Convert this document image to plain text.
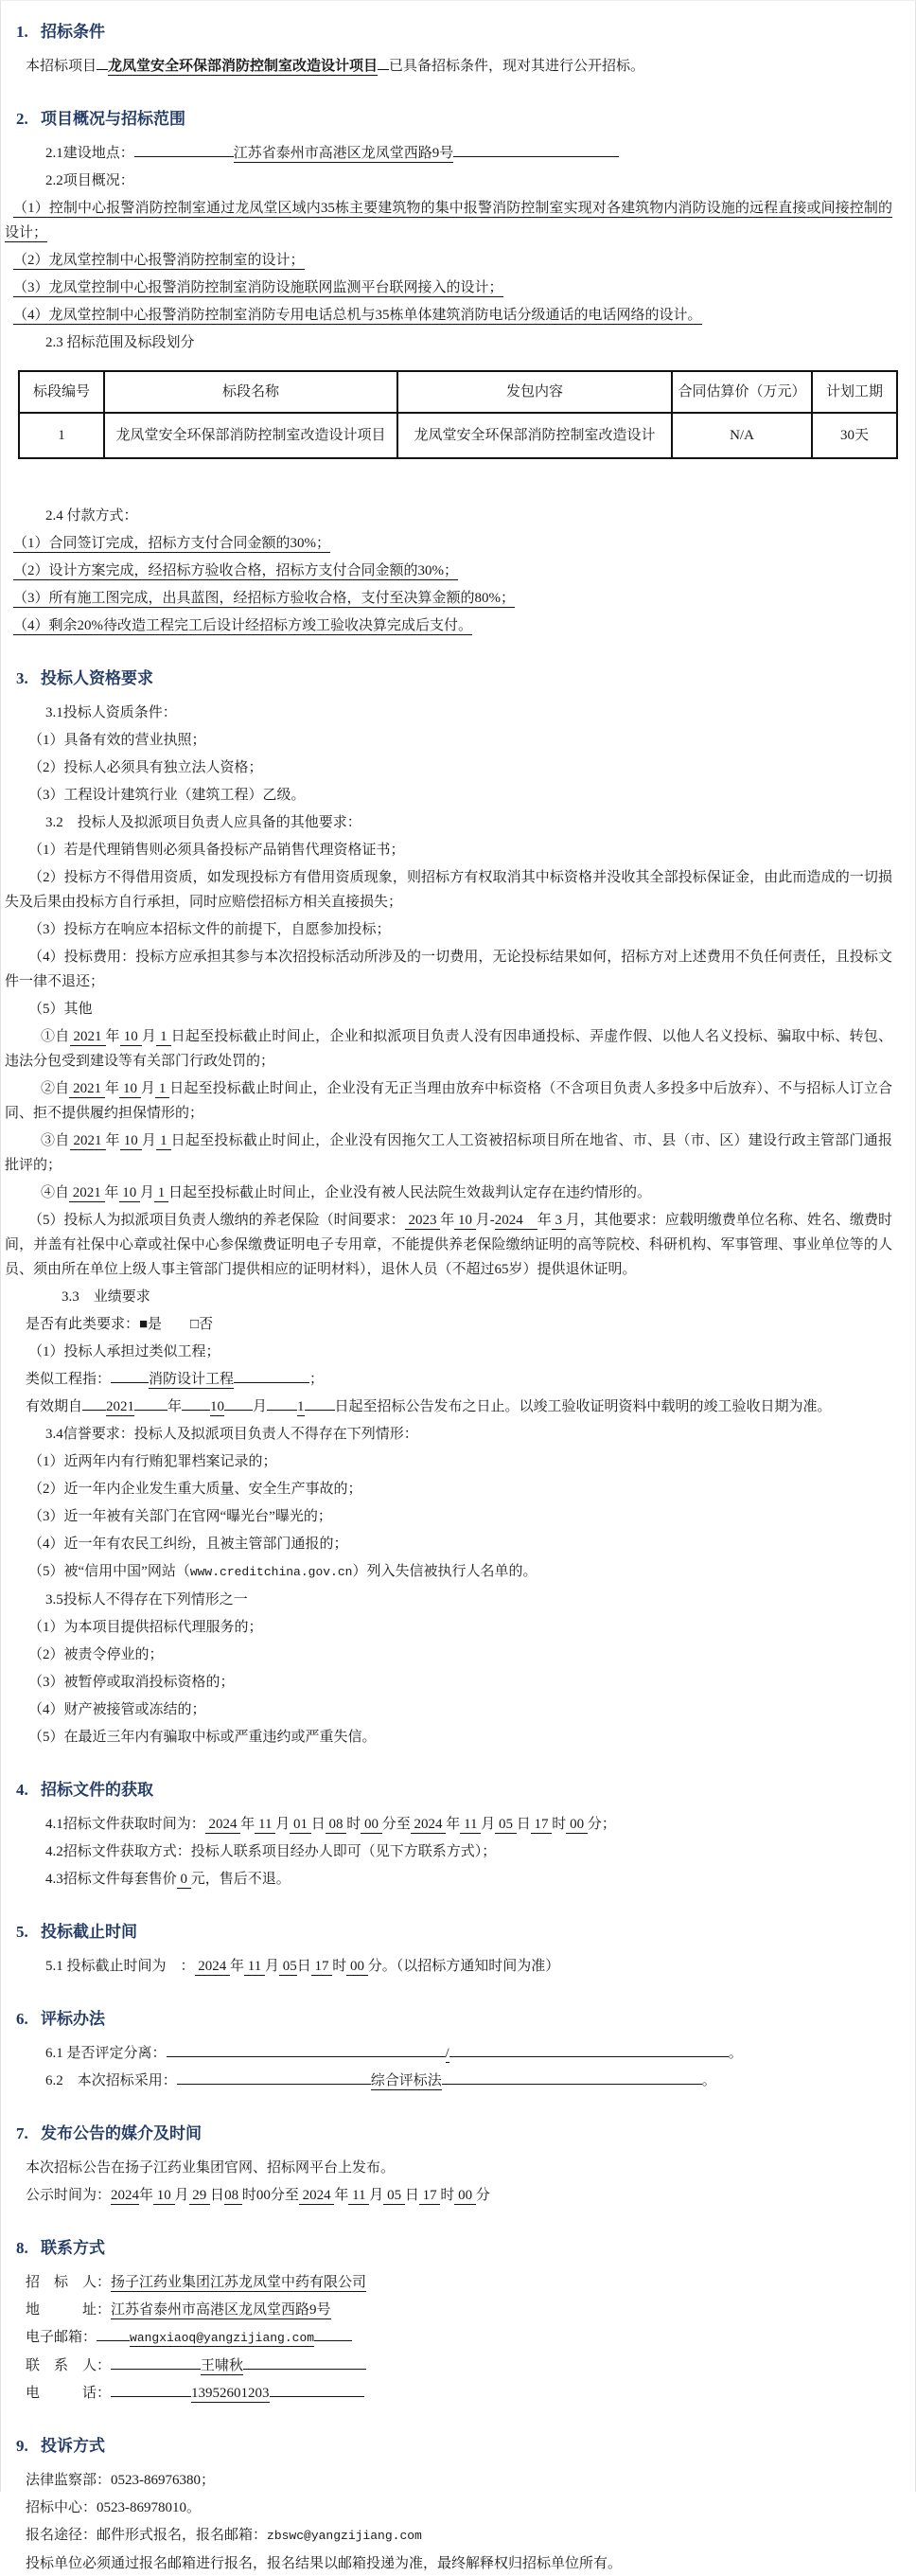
1. 招标条件
本招标项目 龙凤堂安全环保部消防控制室改造设计项目 已具备招标条件，现对其进行公开招标。
2. 项目概况与招标范围
2.1建设地点：	江苏省泰州市高港区龙凤堂西路9号
2.2项目概况：
（1）控制中心报警消防控制室通过龙凤堂区域内35栋主要建筑物的集中报警消防控制室实现对各建筑物内消防设施的远程直接或间接控制的设计；
（2）龙凤堂控制中心报警消防控制室的设计；
（3）龙凤堂控制中心报警消防控制室消防设施联网监测平台联网接入的设计；
（4）龙凤堂控制中心报警消防控制室消防专用电话总机与35栋单体建筑消防电话分级通话的电话网络的设计。
2.3 招标范围及标段划分
标段编号	标段名称	发包内容	合同估算价（万元）	计划工期
1	龙凤堂安全环保部消防控制室改造设计项目	龙凤堂安全环保部消防控制室改造设计	N/A	30天
2.4 付款方式：
（1）合同签订完成，招标方支付合同金额的30%；
（2）设计方案完成，经招标方验收合格，招标方支付合同金额的30%；
（3）所有施工图完成，出具蓝图，经招标方验收合格，支付至决算金额的80%；
（4）剩余20%待改造工程完工后设计经招标方竣工验收决算完成后支付。
3. 投标人资格要求
3.1投标人资质条件：
（1）具备有效的营业执照；
（2）投标人必须具有独立法人资格；
（3）工程设计建筑行业（建筑工程）乙级。
3.2　投标人及拟派项目负责人应具备的其他要求：
（1）若是代理销售则必须具备投标产品销售代理资格证书；
（2）投标方不得借用资质，如发现投标方有借用资质现象，则招标方有权取消其中标资格并没收其全部投标保证金，由此而造成的一切损失及后果由投标方自行承担，同时应赔偿招标方相关直接损失；
（3）投标方在响应本招标文件的前提下，自愿参加投标；
（4）投标费用：投标方应承担其参与本次招投标活动所涉及的一切费用，无论投标结果如何，招标方对上述费用不负任何责任，且投标文件一律不退还；
（5）其他
①自 2021 年 10 月 1 日起至投标截止时间止，企业和拟派项目负责人没有因串通投标、弄虚作假、以他人名义投标、骗取中标、转包、违法分包受到建设等有关部门行政处罚的；
②自 2021 年 10 月 1 日起至投标截止时间止，企业没有无正当理由放弃中标资格（不含项目负责人多投多中后放弃）、不与招标人订立合同、拒不提供履约担保情形的；
③自 2021 年 10 月 1 日起至投标截止时间止，企业没有因拖欠工人工资被招标项目所在地省、市、县（市、区）建设行政主管部门通报批评的；
④自 2021 年 10 月 1 日起至投标截止时间止，企业没有被人民法院生效裁判认定存在违约情形的。
（5）投标人为拟派项目负责人缴纳的养老保险（时间要求： 2023 年 10 月-2024　年 3 月，其他要求：应载明缴费单位名称、姓名、缴费时间，并盖有社保中心章或社保中心参保缴费证明电子专用章，不能提供养老保险缴纳证明的高等院校、科研机构、军事管理、事业单位等的人员、须由所在单位上级人事主管部门提供相应的证明材料），退休人员（不超过65岁）提供退休证明。
3.3　业绩要求
是否有此类要求：■是　　□否
（1）投标人承担过类似工程；
类似工程指：	消防设计工程	；
有效期自 2021 年 10 月 1 日起至招标公告发布之日止。以竣工验收证明资料中载明的竣工验收日期为准。
3.4信誉要求：投标人及拟派项目负责人不得存在下列情形：
（1）近两年内有行贿犯罪档案记录的；
（2）近一年内企业发生重大质量、安全生产事故的；
（3）近一年被有关部门在官网“曝光台”曝光的；
（4）近一年有农民工纠纷，且被主管部门通报的；
（5）被“信用中国”网站（www.creditchina.gov.cn）列入失信被执行人名单的。
3.5投标人不得存在下列情形之一
（1）为本项目提供招标代理服务的；
（2）被责令停业的；
（3）被暂停或取消投标资格的；
（4）财产被接管或冻结的；
（5）在最近三年内有骗取中标或严重违约或严重失信。
4. 招标文件的获取
4.1招标文件获取时间为： 2024 年 11 月 01 日 08 时 00 分至 2024 年 11 月 05 日 17 时 00 分；
4.2招标文件获取方式：投标人联系项目经办人即可（见下方联系方式）；
4.3招标文件每套售价 0 元，售后不退。
5. 投标截止时间
5.1 投标截止时间为　： 2024 年 11 月 05日 17 时 00 分。（以招标方通知时间为准）
6. 评标办法
6.1 是否评定分离：	/	。
6.2　本次招标采用：	综合评标法	。
7. 发布公告的媒介及时间
本次招标公告在扬子江药业集团官网、招标网平台上发布。
公示时间为：2024年 10 月 29 日08 时00分至 2024 年 11 月 05 日 17 时 00 分
8. 联系方式
招　标　人：扬子江药业集团江苏龙凤堂中药有限公司
地　　　址：江苏省泰州市高港区龙凤堂西路9号
电子邮箱：	wangxiaoq@yangzijiang.com
联　系　人：	王啸秋
电　　　话：	13952601203
9. 投诉方式
法律监察部：0523-86976380；
招标中心：0523-86978010。
报名途径：邮件形式报名，报名邮箱：zbswc@yangzijiang.com
投标单位必须通过报名邮箱进行报名，报名结果以邮箱投递为准，最终解释权归招标单位所有。
